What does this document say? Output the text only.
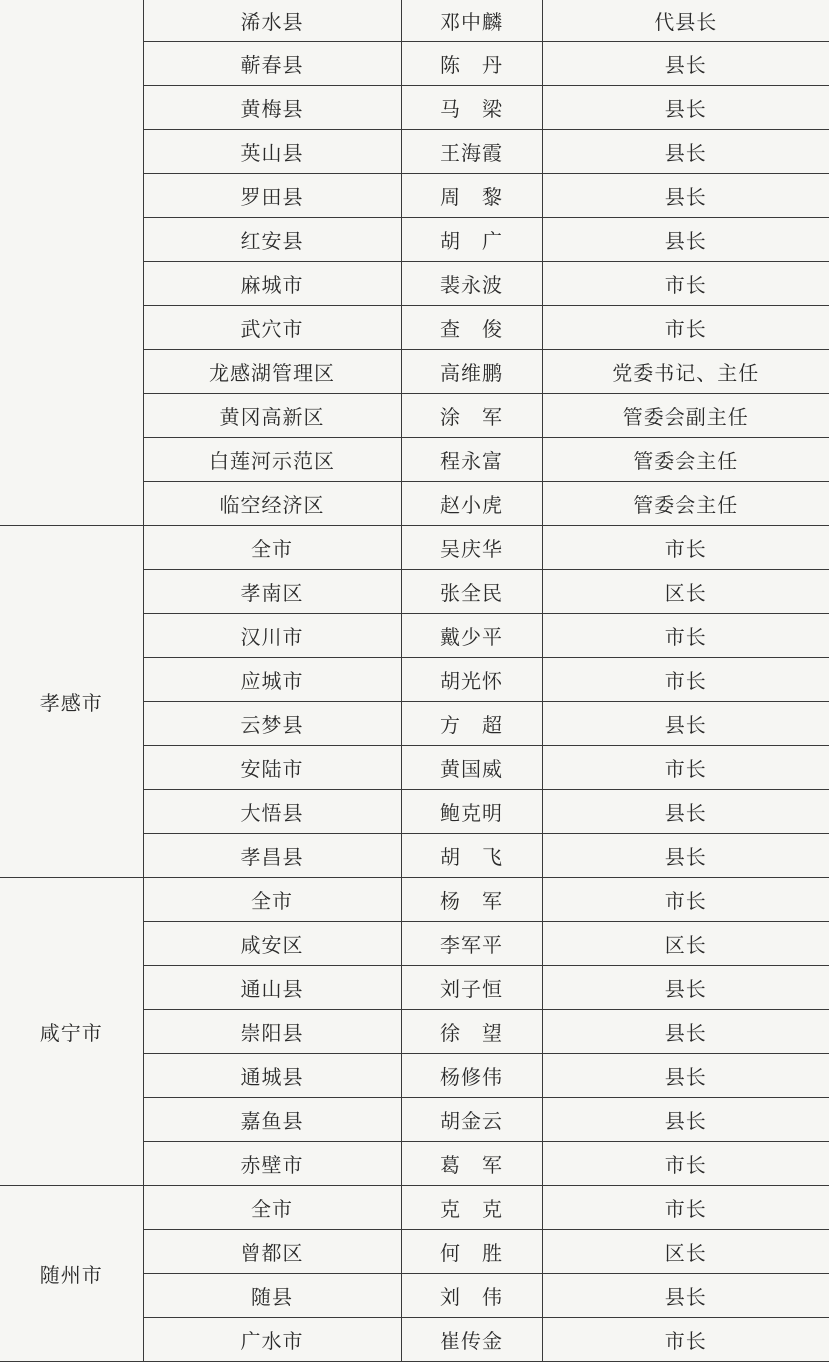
	浠水县	邓中麟	代县长
	蕲春县	陈　丹	县长
	黄梅县	马　梁	县长
	英山县	王海霞	县长
	罗田县	周　黎	县长
	红安县	胡　广	县长
	麻城市	裴永波	市长
	武穴市	查　俊	市长
	龙感湖管理区	高维鹏	党委书记、主任
	黄冈高新区	涂　军	管委会副主任
	白莲河示范区	程永富	管委会主任
	临空经济区	赵小虎	管委会主任
孝感市	全市	吴庆华	市长
	孝南区	张全民	区长
	汉川市	戴少平	市长
	应城市	胡光怀	市长
	云梦县	方　超	县长
	安陆市	黄国威	市长
	大悟县	鲍克明	县长
	孝昌县	胡　飞	县长
咸宁市	全市	杨　军	市长
	咸安区	李军平	区长
	通山县	刘子恒	县长
	崇阳县	徐　望	县长
	通城县	杨修伟	县长
	嘉鱼县	胡金云	县长
	赤壁市	葛　军	市长
随州市	全市	克　克	市长
	曾都区	何　胜	区长
	随县	刘　伟	县长
	广水市	崔传金	市长
